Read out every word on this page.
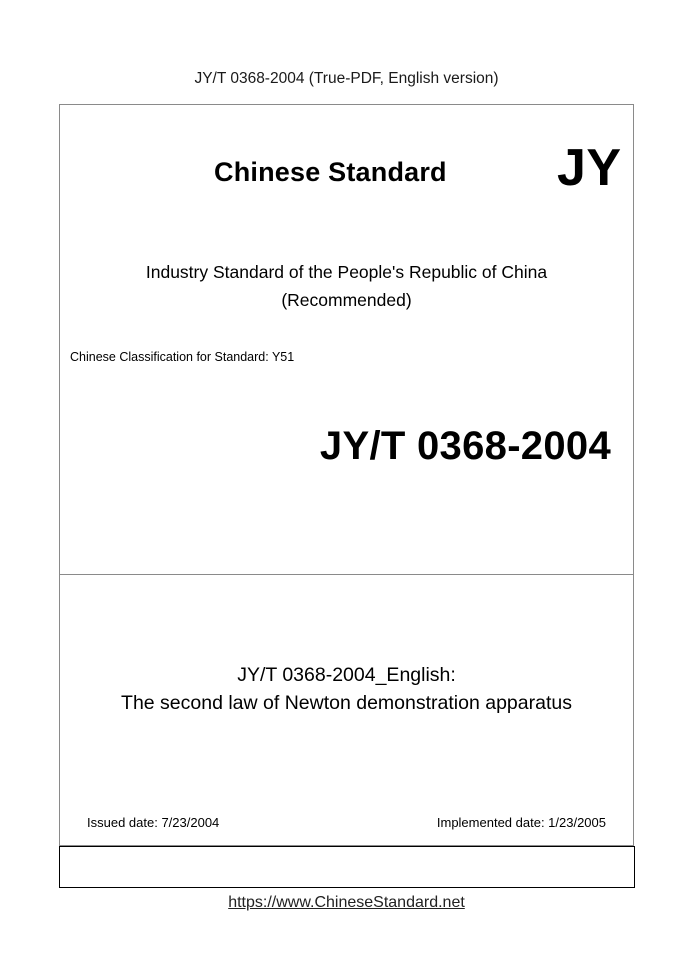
JY/T 0368-2004 (True-PDF, English version)
Chinese Standard JY
Industry Standard of the People's Republic of China
(Recommended)
Chinese Classification for Standard: Y51
JY/T 0368-2004
JY/T 0368-2004_English:
The second law of Newton demonstration apparatus
Issued date: 7/23/2004	Implemented date: 1/23/2005
https://www.ChineseStandard.net
